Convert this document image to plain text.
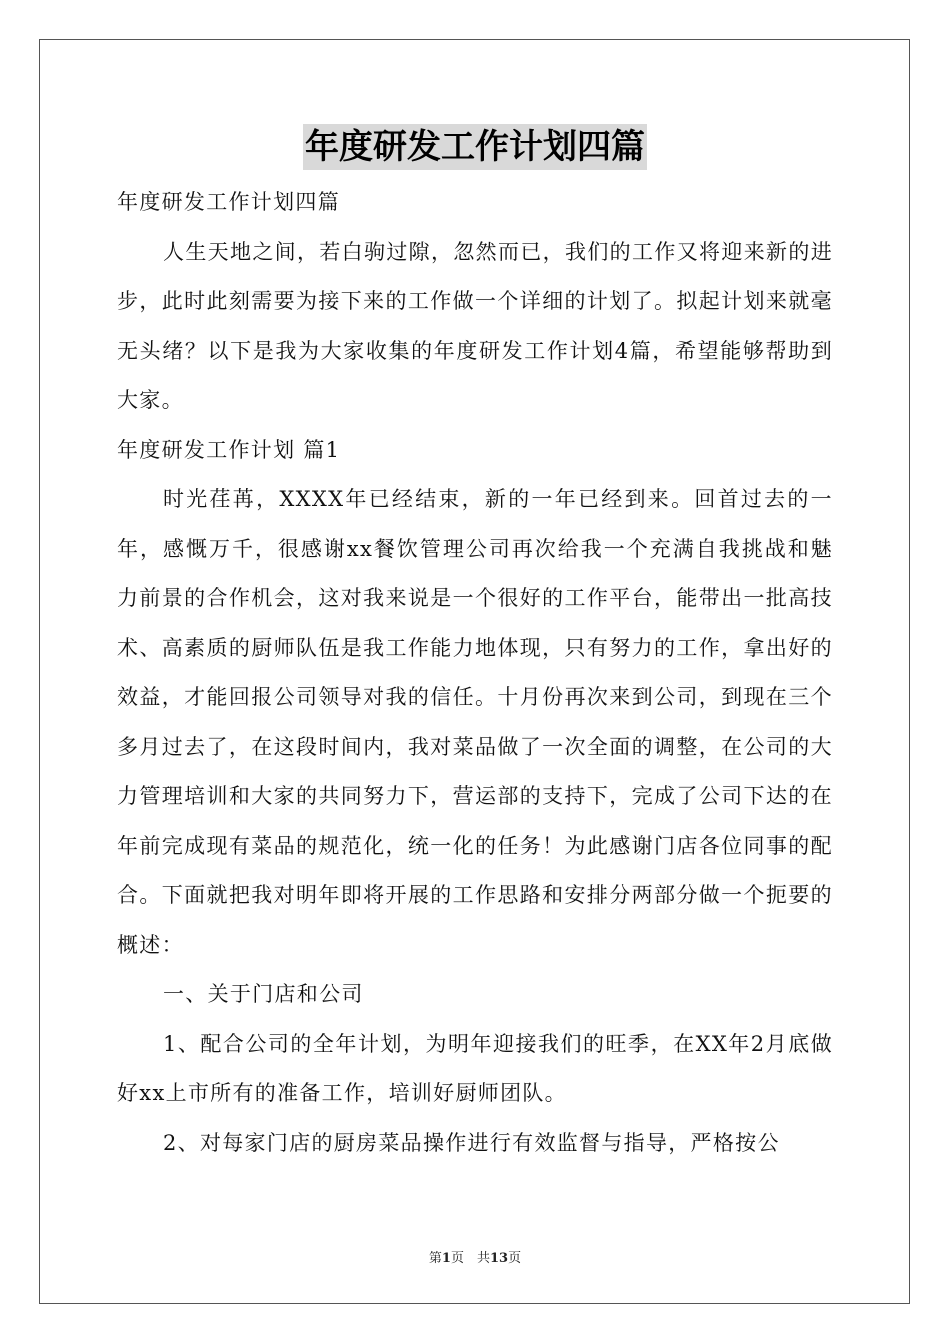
年度研发工作计划四篇

年度研发工作计划四篇

人生天地之间，若白驹过隙，忽然而已，我们的工作又将迎来新的进步，此时此刻需要为接下来的工作做一个详细的计划了。拟起计划来就毫无头绪？以下是我为大家收集的年度研发工作计划4篇，希望能够帮助到大家。

年度研发工作计划 篇1

时光荏苒，XXXX年已经结束，新的一年已经到来。回首过去的一年，感慨万千，很感谢xx餐饮管理公司再次给我一个充满自我挑战和魅力前景的合作机会，这对我来说是一个很好的工作平台，能带出一批高技术、高素质的厨师队伍是我工作能力地体现，只有努力的工作，拿出好的效益，才能回报公司领导对我的信任。十月份再次来到公司，到现在三个多月过去了，在这段时间内，我对菜品做了一次全面的调整，在公司的大力管理培训和大家的共同努力下，营运部的支持下，完成了公司下达的在年前完成现有菜品的规范化，统一化的任务！为此感谢门店各位同事的配合。下面就把我对明年即将开展的工作思路和安排分两部分做一个扼要的概述：

一、关于门店和公司

1、配合公司的全年计划，为明年迎接我们的旺季，在XX年2月底做好xx上市所有的准备工作，培训好厨师团队。

2、对每家门店的厨房菜品操作进行有效监督与指导，严格按公

第1页　共13页
